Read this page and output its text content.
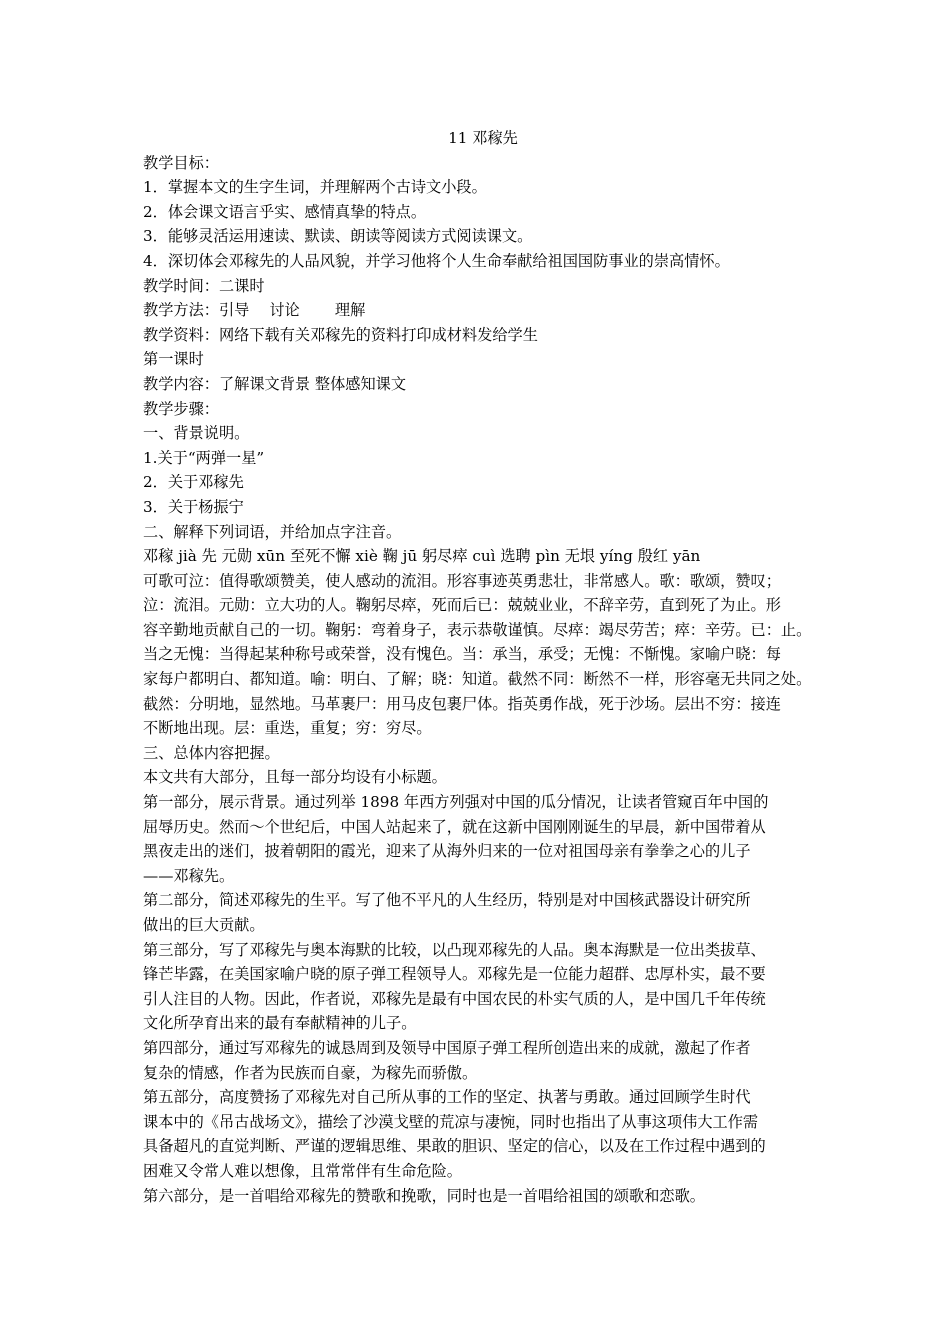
11 邓稼先
教学目标：
1．掌握本文的生字生词，并理解两个古诗文小段。
2．体会课文语言乎实、感情真挚的特点。
3．能够灵活运用速读、默读、朗读等阅读方式阅读课文。
4．深切体会邓稼先的人品风貌，并学习他将个人生命奉献给祖国国防事业的崇高情怀。
教学时间：二课时
教学方法：引导　 讨论　　 理解
教学资料：网络下载有关邓稼先的资料打印成材料发给学生
第一课时
教学内容：了解课文背景 整体感知课文
教学步骤：
一、背景说明。
1.关于“两弹一星”
2．关于邓稼先
3．关于杨振宁
二、解释下列词语，并给加点字注音。
邓稼 jià 先 元勋 xūn 至死不懈 xiè 鞠 jū 躬尽瘁 cuì 选聘 pìn 无垠 yíng 殷红 yān
可歌可泣：值得歌颂赞美，使人感动的流泪。形容事迹英勇悲壮，非常感人。歌：歌颂，赞叹；
泣：流泪。元勋：立大功的人。鞠躬尽瘁，死而后已：兢兢业业，不辞辛劳，直到死了为止。形
容辛勤地贡献自己的一切。鞠躬：弯着身子，表示恭敬谨慎。尽瘁：竭尽劳苦；瘁：辛劳。已：止。
当之无愧：当得起某种称号或荣誉，没有愧色。当：承当，承受；无愧：不惭愧。家喻户晓：每
家每户都明白、都知道。喻：明白、了解；晓：知道。截然不同：断然不一样，形容毫无共同之处。
截然：分明地，显然地。马革裹尸：用马皮包裹尸体。指英勇作战，死于沙场。层出不穷：接连
不断地出现。层：重迭，重复；穷：穷尽。
三、总体内容把握。
本文共有大部分，且每一部分均设有小标题。
第一部分，展示背景。通过列举 1898 年西方列强对中国的瓜分情况，让读者管窥百年中国的
屈辱历史。然而～个世纪后，中国人站起来了，就在这新中国刚刚诞生的早晨，新中国带着从
黑夜走出的迷们，披着朝阳的霞光，迎来了从海外归来的一位对祖国母亲有拳拳之心的儿子
——邓稼先。
第二部分，简述邓稼先的生平。写了他不平凡的人生经历，特别是对中国核武器设计研究所
做出的巨大贡献。
第三部分，写了邓稼先与奥本海默的比较，以凸现邓稼先的人品。奥本海默是一位出类拔草、
锋芒毕露，在美国家喻户晓的原子弹工程领导人。邓稼先是一位能力超群、忠厚朴实，最不要
引人注目的人物。因此，作者说，邓稼先是最有中国农民的朴实气质的人，是中国几千年传统
文化所孕育出来的最有奉献精神的儿子。
第四部分，通过写邓稼先的诚恳周到及领导中国原子弹工程所创造出来的成就，激起了作者
复杂的情感，作者为民族而自豪，为稼先而骄傲。
第五部分，高度赞扬了邓稼先对自己所从事的工作的坚定、执著与勇敢。通过回顾学生时代
课本中的《吊古战场文》，描绘了沙漠戈壁的荒凉与凄惋，同时也指出了从事这项伟大工作需
具备超凡的直觉判断、严谨的逻辑思维、果敢的胆识、坚定的信心，以及在工作过程中遇到的
困难又令常人难以想像，且常常伴有生命危险。
第六部分，是一首唱给邓稼先的赞歌和挽歌，同时也是一首唱给祖国的颂歌和恋歌。
